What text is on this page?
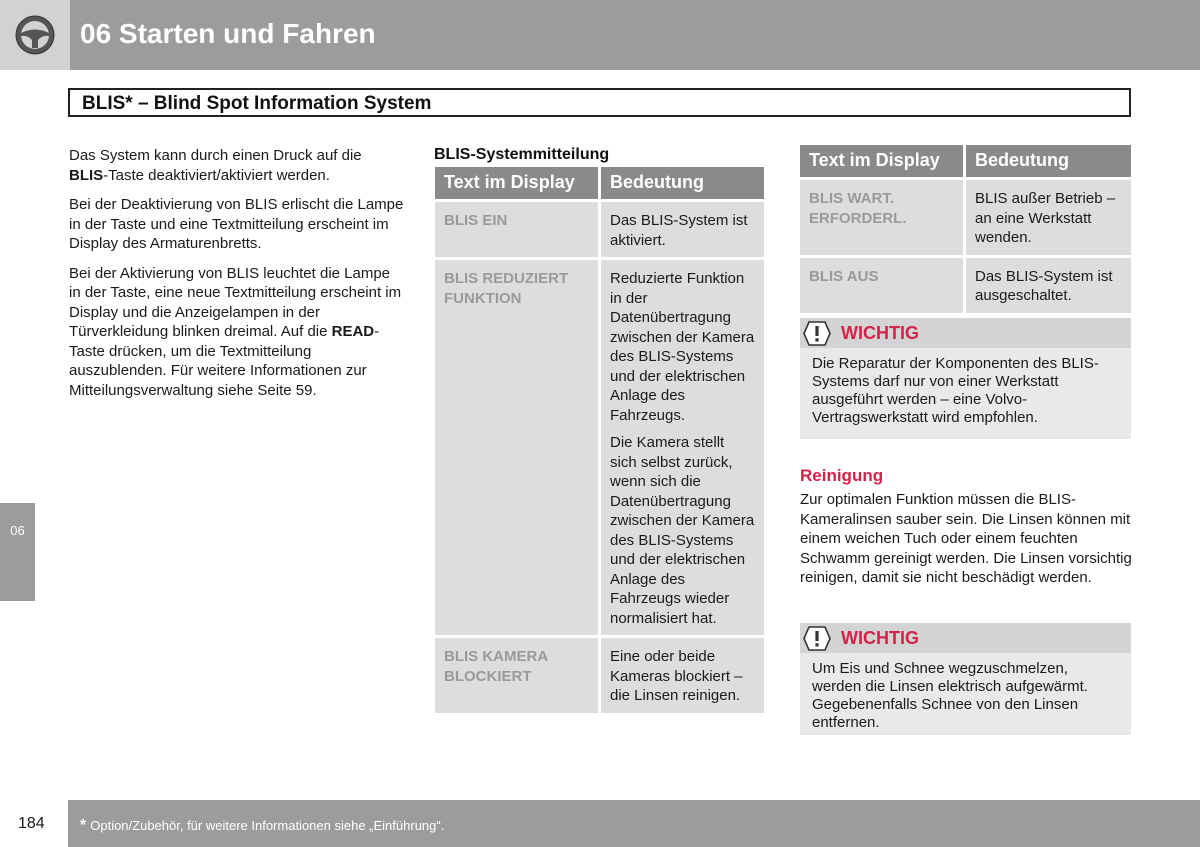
06 Starten und Fahren
BLIS* – Blind Spot Information System

Das System kann durch einen Druck auf die BLIS-Taste deaktiviert/aktiviert werden.

Bei der Deaktivierung von BLIS erlischt die Lampe in der Taste und eine Textmitteilung erscheint im Display des Armaturenbretts.

Bei der Aktivierung von BLIS leuchtet die Lampe in der Taste, eine neue Textmitteilung erscheint im Display und die Anzeigelampen in der Türverkleidung blinken dreimal. Auf die READ-Taste drücken, um die Textmitteilung auszublenden. Für weitere Informationen zur Mitteilungsverwaltung siehe Seite 59.

BLIS-Systemmitteilung
Text im Display	Bedeutung
BLIS EIN	Das BLIS-System ist aktiviert.

BLIS REDUZIERT FUNKTION	Reduzierte Funktion in der Datenübertragung zwischen der Kamera des BLIS-Systems und der elektrischen Anlage des Fahrzeugs.

Die Kamera stellt sich selbst zurück, wenn sich die Datenübertragung zwischen der Kamera des BLIS-Systems und der elektrischen Anlage des Fahrzeugs wieder normalisiert hat.

BLIS KAMERA BLOCKIERT	Eine oder beide Kameras blockiert – die Linsen reinigen.

Text im Display	Bedeutung
BLIS WART. ERFORDERL.	BLIS außer Betrieb – an eine Werkstatt wenden.
BLIS AUS	Das BLIS-System ist ausgeschaltet.
WICHTIG
Die Reparatur der Komponenten des BLIS-Systems darf nur von einer Werkstatt ausgeführt werden – eine Volvo-Vertragswerkstatt wird empfohlen.
Reinigung
Zur optimalen Funktion müssen die BLIS-Kameralinsen sauber sein. Die Linsen können mit einem weichen Tuch oder einem feuchten Schwamm gereinigt werden. Die Linsen vorsichtig reinigen, damit sie nicht beschädigt werden.
WICHTIG
Um Eis und Schnee wegzuschmelzen, werden die Linsen elektrisch aufgewärmt. Gegebenenfalls Schnee von den Linsen entfernen.
06
184 * Option/Zubehör, für weitere Informationen siehe „Einführung“.
